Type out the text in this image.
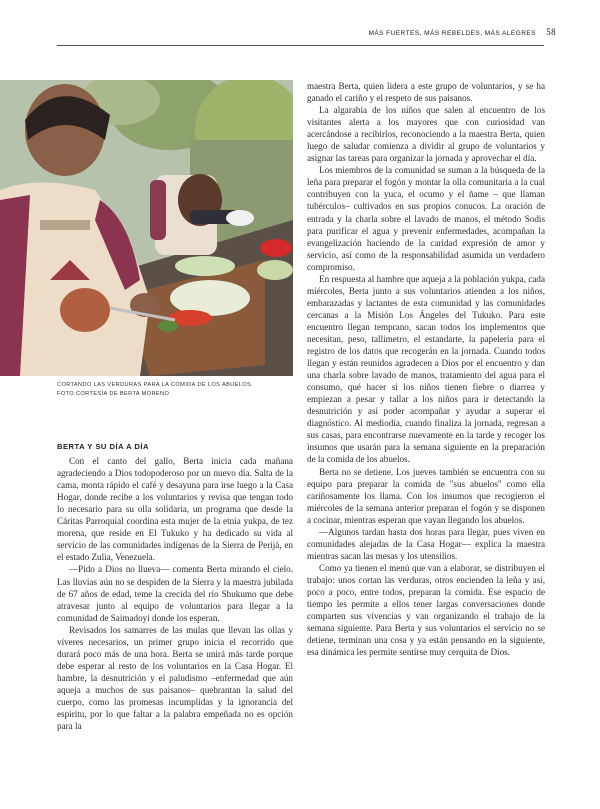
MÁS FUERTES, MÁS REBELDES, MÁS ALEGRES 58
CORTANDO LAS VERDURAS PARA LA COMIDA DE LOS ABUELOS.
FOTO CORTESÍA DE BERTA MORENO
BERTA Y SU DÍA A DÍA

Con el canto del gallo, Berta inicia cada mañana agradeciendo a Dios todopoderoso por un nuevo día. Salta de la cama, monta rápido el café y desayuna para irse luego a la Casa Hogar, donde recibe a los voluntarios y revisa que tengan todo lo necesario para su olla solidaria, un programa que desde la Cáritas Parroquial coordina esta mujer de la etnia yukpa, de tez morena, que reside en El Tukuko y ha dedicado su vida al servicio de las comunidades indígenas de la Sierra de Perijá, en el estado Zulia, Venezuela.

—Pido a Dios no llueva— comenta Berta mirando el cielo. Las lluvias aún no se despiden de la Sierra y la maestra jubilada de 67 años de edad, teme la crecida del río Shukumo que debe atravesar junto al equipo de voluntarios para llegar a la comunidad de Saimadoyi donde los esperan.

Revisados los samarres de las mulas que llevan las ollas y víveres necesarios, un primer grupo inicia el recorrido que durará poco más de una hora. Berta se unirá más tarde porque debe esperar al resto de los voluntarios en la Casa Hogar. El hambre, la desnutrición y el paludismo –enfermedad que aún aqueja a muchos de sus paisanos– quebrantan la salud del cuerpo, como las promesas incumplidas y la ignorancia del espíritu, por lo que faltar a la palabra empeñada no es opción para la

maestra Berta, quien lidera a este grupo de voluntarios, y se ha ganado el cariño y el respeto de sus paisanos.

La algarabía de los niños que salen al encuentro de los visitantes alerta a los mayores que con curiosidad van acercándose a recibirlos, reconociendo a la maestra Berta, quien luego de saludar comienza a dividir al grupo de voluntarios y asignar las tareas para organizar la jornada y aprovechar el día.

Los miembros de la comunidad se suman a la búsqueda de la leña para preparar el fogón y montar la olla comunitaria a la cual contribuyen con la yuca, el ocumo y el ñame – que llaman tubérculos– cultivados en sus propios conucos. La oración de entrada y la charla sobre el lavado de manos, el método Sodis para purificar el agua y prevenir enfermedades, acompañan la evangelización haciendo de la caridad expresión de amor y servicio, así como de la responsabilidad asumida un verdadero compromiso.

En respuesta al hambre que aqueja a la población yukpa, cada miércoles, Berta junto a sus voluntarios atienden a los niños, embarazadas y lactantes de esta comunidad y las comunidades cercanas a la Misión Los Ángeles del Tukuko. Para este encuentro llegan temprano, sacan todos los implementos que necesitan, peso, tallímetro, el estandarte, la papelería para el registro de los datos que recogerán en la jornada. Cuando todos llegan y están reunidos agradecen a Dios por el encuentro y dan una charla sobre lavado de manos, tratamiento del agua para el consumo, qué hacer si los niños tienen fiebre o diarrea y empiezan a pesar y tallar a los niños para ir detectando la desnutrición y así poder acompañar y ayudar a superar el diagnóstico. Al mediodía, cuando finaliza la jornada, regresan a sus casas, para encontrarse nuevamente en la tarde y recoger los insumos que usarán para la semana siguiente en la preparación de la comida de los abuelos.

Berta no se detiene. Los jueves también se encuentra con su equipo para preparar la comida de "sus abuelos" como ella cariñosamente los llama. Con los insumos que recogieron el miércoles de la semana anterior preparan el fogón y se disponen a cocinar, mientras esperan que vayan llegando los abuelos.

—Algunos tardan hasta dos horas para llegar, pues viven en comunidades alejadas de la Casa Hogar— explica la maestra mientras sacan las mesas y los utensilios.

Como ya tienen el menú que van a elaborar, se distribuyen el trabajo: unos cortan las verduras, otros encienden la leña y así, poco a poco, entre todos, preparan la comida. Ese espacio de tiempo les permite a ellos tener largas conversaciones donde comparten sus vivencias y van organizando el trabajo de la semana siguiente. Para Berta y sus voluntarios el servicio no se detiene, terminan una cosa y ya están pensando en la siguiente, esa dinámica les permite sentirse muy cerquita de Dios.
